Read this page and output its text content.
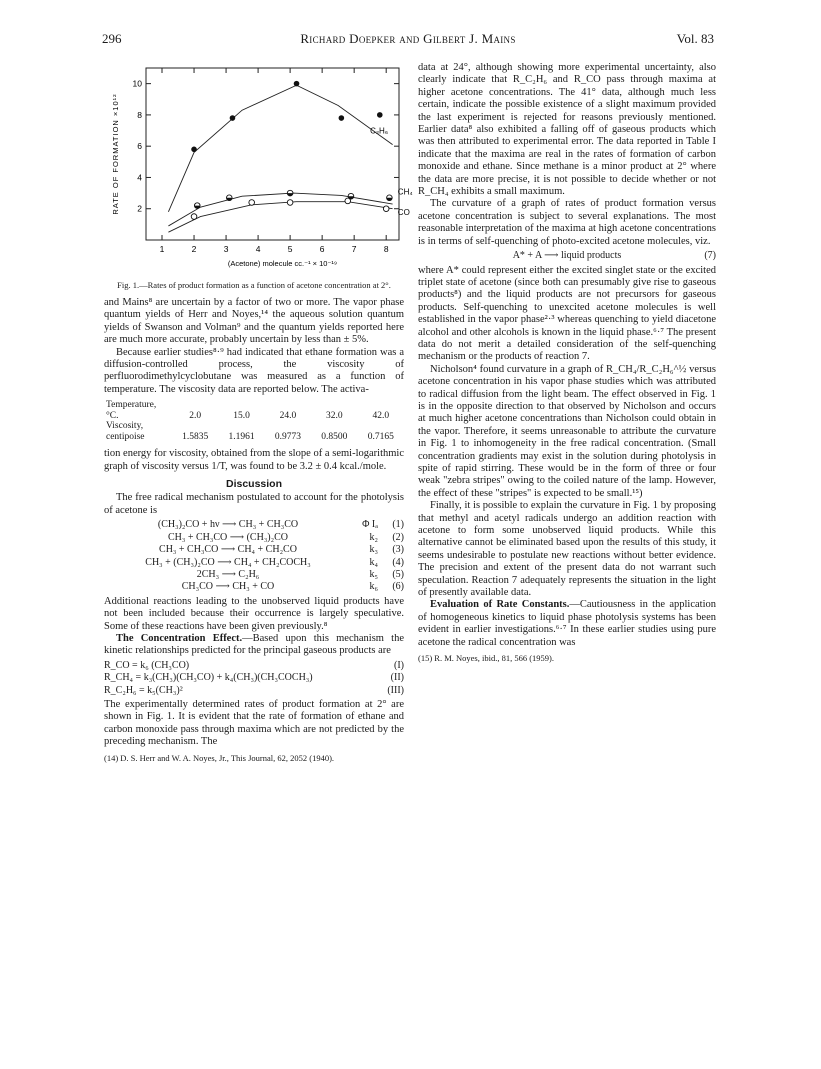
296	Richard Doepker and Gilbert J. Mains	Vol. 83
1	2	3	4	5	6	7	8
2
4
6
8
10
(Acetone) molecule cc.⁻¹ × 10⁻¹⁹
RATE OF FORMATION ×10¹²	C₂H₆
CH₄
CO
Fig. 1.—Rates of product formation as a function of acetone concentration at 2°.

and Mains⁸ are uncertain by a factor of two or more. The vapor phase quantum yields of Herr and Noyes,¹⁴ the aqueous solution quantum yields of Swanson and Volman⁹ and the quantum yields reported here are much more accurate, probably uncertain by less than ± 5%.

Because earlier studies⁸·⁹ had indicated that ethane formation was a diffusion-controlled process, the viscosity of perfluorodimethylcyclobutane was measured as a function of temperature. The viscosity data are reported below. The activa-

Temperature, °C.	2.0	15.0	24.0	32.0	42.0
Viscosity, centipoise	1.5835	1.1961	0.9773	0.8500	0.7165

tion energy for viscosity, obtained from the slope of a semi-logarithmic graph of viscosity versus 1/T, was found to be 3.2 ± 0.4 kcal./mole.

Discussion

The free radical mechanism postulated to account for the photolysis of acetone is

(CH₃)₂CO + hν ⟶ CH₃ + CH₃CO	Φ Iₐ	(1)
CH₃ + CH₃CO ⟶ (CH₃)₂CO	k₂	(2)
CH₃ + CH₃CO ⟶ CH₄ + CH₂CO	k₃	(3)
CH₃ + (CH₃)₂CO ⟶ CH₄ + CH₂COCH₃	k₄	(4)
2CH₃ ⟶ C₂H₆	k₅	(5)
CH₃CO ⟶ CH₃ + CO	k₆	(6)

Additional reactions leading to the unobserved liquid products have not been included because their occurrence is largely speculative. Some of these reactions have been given previously.⁸

The Concentration Effect.—Based upon this mechanism the kinetic relationships predicted for the principal gaseous products are

R_CO = k₆ (CH₃CO)	(I)
R_CH₄ = k₃(CH₃)(CH₃CO) + k₄(CH₃)(CH₃COCH₃)	(II)
R_C₂H₆ = k₅(CH₃)²	(III)

The experimentally determined rates of product formation at 2° are shown in Fig. 1. It is evident that the rate of formation of ethane and carbon monoxide pass through maxima which are not predicted by the preceding mechanism. The

(14) D. S. Herr and W. A. Noyes, Jr., This Journal, 62, 2052 (1940).

data at 24°, although showing more experimental uncertainty, also clearly indicate that R_C₂H₆ and R_CO pass through maxima at higher acetone concentrations. The 41° data, although much less certain, indicate the possible existence of a slight maximum provided the last experiment is rejected for reasons previously mentioned. Earlier data⁸ also exhibited a falling off of gaseous products which was then attributed to experimental error. The data reported in Table I indicate that the maxima are real in the rates of formation of carbon monoxide and ethane. Since methane is a minor product at 2° where the data are more precise, it is not possible to decide whether or not R_CH₄ exhibits a small maximum.

The curvature of a graph of rates of product formation versus acetone concentration is subject to several explanations. The most reasonable interpretation of the maxima at high acetone concentrations is in terms of self-quenching of photo-excited acetone molecules, viz.

A* + A ⟶ liquid products	(7)

where A* could represent either the excited singlet state or the excited triplet state of acetone (since both can presumably give rise to gaseous products⁸) and the liquid products are not precursors for gaseous products. Self-quenching to unexcited acetone molecules is well established in the vapor phase²·³ whereas quenching to yield diacetone alcohol and other alcohols is known in the liquid phase.⁶·⁷ The present data do not merit a detailed consideration of the self-quenching mechanism or the products of reaction 7.

Nicholson⁴ found curvature in a graph of R_CH₄/R_C₂H₆^½ versus acetone concentration in his vapor phase studies which was attributed to radical diffusion from the light beam. The effect observed in Fig. 1 is in the opposite direction to that observed by Nicholson and occurs at much higher acetone concentrations than Nicholson could obtain in the vapor. Therefore, it seems unreasonable to attribute the curvature in Fig. 1 to inhomogeneity in the free radical concentration. (Small concentration gradients may exist in the solution during photolysis in spite of rapid stirring. These would be in the form of three or four weak "zebra stripes" owing to the coiled nature of the lamp. However, the effect of these "stripes" is expected to be small.¹⁵)

Finally, it is possible to explain the curvature in Fig. 1 by proposing that methyl and acetyl radicals undergo an addition reaction with acetone to form some unobserved liquid products. While this alternative cannot be eliminated based upon the results of this study, it seems undesirable to postulate new reactions without better evidence. The precision and extent of the present data do not warrant such speculation. Reaction 7 adequately represents the situation in the light of presently available data.

Evaluation of Rate Constants.—Cautiousness in the application of homogeneous kinetics to liquid phase photolysis systems has been evident in earlier investigations.⁶·⁷ In these earlier studies using pure acetone the radical concentration was

(15) R. M. Noyes, ibid., 81, 566 (1959).
